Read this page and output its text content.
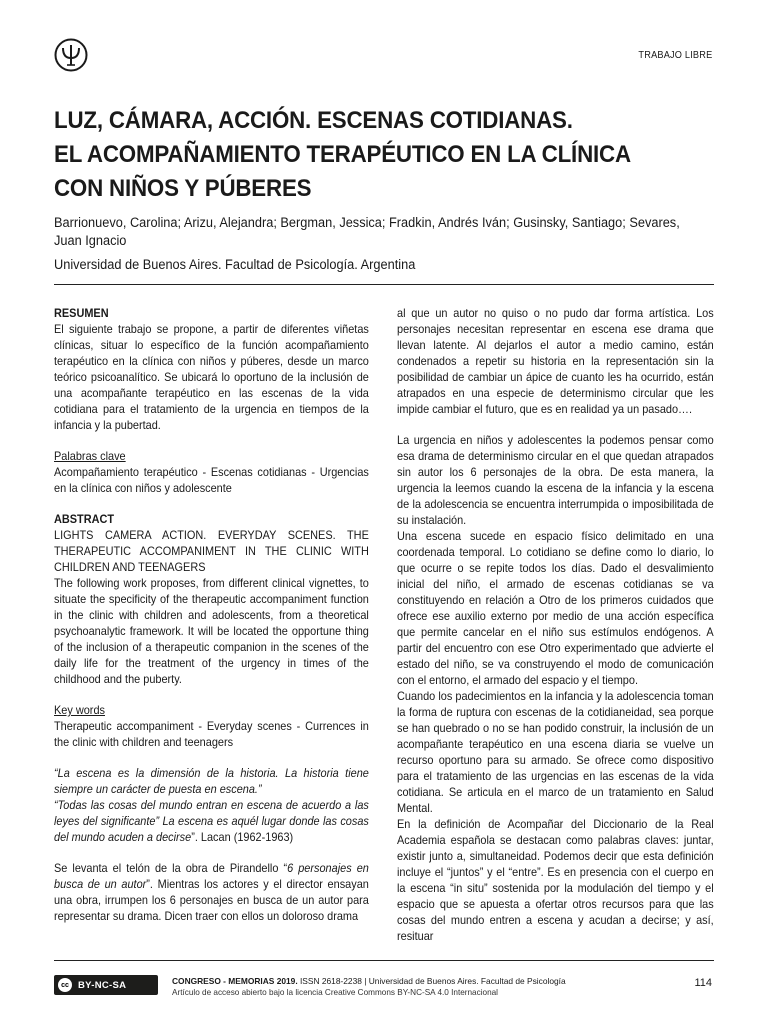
TRABAJO LIBRE
LUZ, CÁMARA, ACCIÓN. ESCENAS COTIDIANAS.
EL ACOMPAÑAMIENTO TERAPÉUTICO EN LA CLÍNICA
CON NIÑOS Y PÚBERES
Barrionuevo, Carolina; Arizu, Alejandra; Bergman, Jessica; Fradkin, Andrés Iván; Gusinsky, Santiago; Sevares, Juan Ignacio
Universidad de Buenos Aires. Facultad de Psicología. Argentina

RESUMEN

El siguiente trabajo se propone, a partir de diferentes viñetas clínicas, situar lo específico de la función acompañamiento terapéutico en la clínica con niños y púberes, desde un marco teórico psicoanalítico. Se ubicará lo oportuno de la inclusión de una acompañante terapéutico en las escenas de la vida cotidiana para el tratamiento de la urgencia en tiempos de la infancia y la pubertad.

Palabras clave

Acompañamiento terapéutico - Escenas cotidianas - Urgencias en la clínica con niños y adolescente

ABSTRACT

LIGHTS CAMERA ACTION. EVERYDAY SCENES. THE THERAPEUTIC ACCOMPANIMENT IN THE CLINIC WITH CHILDREN AND TEENAGERS

The following work proposes, from different clinical vignettes, to situate the specificity of the therapeutic accompaniment function in the clinic with children and adolescents, from a theoretical psychoanalytic framework. It will be located the opportune thing of the inclusion of a therapeutic companion in the scenes of the daily life for the treatment of the urgency in times of the childhood and the puberty.

Key words

Therapeutic accompaniment - Everyday scenes - Currences in the clinic with children and teenagers

“La escena es la dimensión de la historia. La historia tiene siempre un carácter de puesta en escena.”

“Todas las cosas del mundo entran en escena de acuerdo a las leyes del significante” La escena es aquél lugar donde las cosas del mundo acuden a decirse”. Lacan (1962-1963)

Se levanta el telón de la obra de Pirandello “6 personajes en busca de un autor”. Mientras los actores y el director ensayan una obra, irrumpen los 6 personajes en busca de un autor para representar su drama. Dicen traer con ellos un doloroso drama

al que un autor no quiso o no pudo dar forma artística. Los personajes necesitan representar en escena ese drama que llevan latente. Al dejarlos el autor a medio camino, están condenados a repetir su historia en la representación sin la posibilidad de cambiar un ápice de cuanto les ha ocurrido, están atrapados en una especie de determinismo circular que les impide cambiar el futuro, que es en realidad ya un pasado….

La urgencia en niños y adolescentes la podemos pensar como esa drama de determinismo circular en el que quedan atrapados sin autor los 6 personajes de la obra. De esta manera, la urgencia la leemos cuando la escena de la infancia y la escena de la adolescencia se encuentra interrumpida o imposibilitada de su instalación.

Una escena sucede en espacio físico delimitado en una coordenada temporal. Lo cotidiano se define como lo diario, lo que ocurre o se repite todos los días. Dado el desvalimiento inicial del niño, el armado de escenas cotidianas se va constituyendo en relación a Otro de los primeros cuidados que ofrece ese auxilio externo por medio de una acción específica que permite cancelar en el niño sus estímulos endógenos. A partir del encuentro con ese Otro experimentado que advierte el estado del niño, se va construyendo el modo de comunicación con el entorno, el armado del espacio y el tiempo.

Cuando los padecimientos en la infancia y la adolescencia toman la forma de ruptura con escenas de la cotidianeidad, sea porque se han quebrado o no se han podido construir, la inclusión de un acompañante terapéutico en una escena diaria se vuelve un recurso oportuno para su armado. Se ofrece como dispositivo para el tratamiento de las urgencias en las escenas de la vida cotidiana. Se articula en el marco de un tratamiento en Salud Mental.

En la definición de Acompañar del Diccionario de la Real Academia española se destacan como palabras claves: juntar, existir junto a, simultaneidad. Podemos decir que esta definición incluye el “juntos” y el “entre”. Es en presencia con el cuerpo en la escena “in situ” sostenida por la modulación del tiempo y el espacio que se apuesta a ofertar otros recursos para que las cosas del mundo entren a escena y acudan a decirse; y así, resituar

cc BY-NC-SA	CONGRESO - MEMORIAS 2019. ISSN 2618-2238 | Universidad de Buenos Aires. Facultad de Psicología
Artículo de acceso abierto bajo la licencia Creative Commons BY-NC-SA 4.0 Internacional
114
